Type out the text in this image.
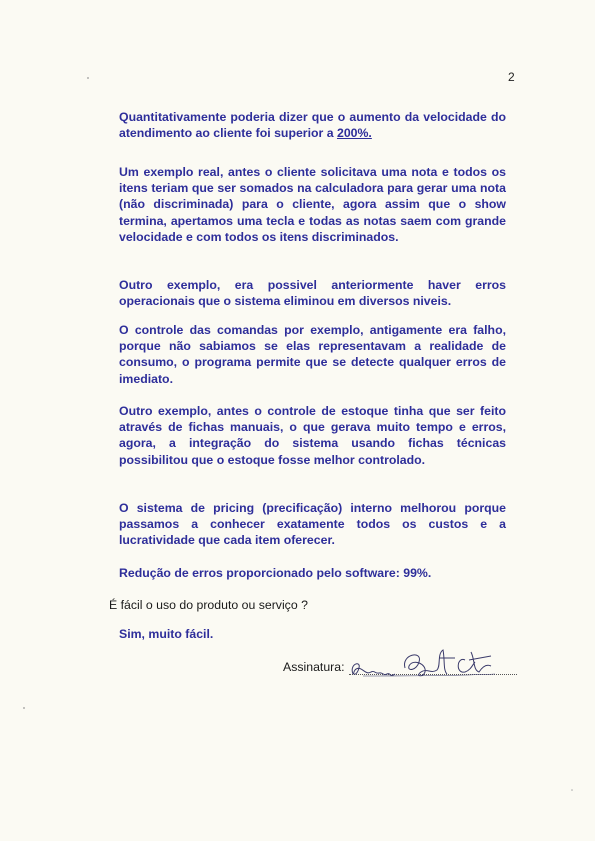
2
Quantitativamente poderia dizer que o aumento da velocidade do atendimento ao cliente foi superior a 200%.
Um exemplo real, antes o cliente solicitava uma nota e todos os itens teriam que ser somados na calculadora para gerar uma nota (não discriminada) para o cliente, agora assim que o show termina, apertamos uma tecla e todas as notas saem com grande velocidade e com todos os itens discriminados.
Outro exemplo, era possivel anteriormente haver erros operacionais que o sistema eliminou em diversos niveis.
O controle das comandas por exemplo, antigamente era falho, porque não sabiamos se elas representavam a realidade de consumo, o programa permite que se detecte qualquer erros de imediato.
Outro exemplo, antes o controle de estoque tinha que ser feito através de fichas manuais, o que gerava muito tempo e erros, agora, a integração do sistema usando fichas técnicas possibilitou que o estoque fosse melhor controlado.
O sistema de pricing (precificação) interno melhorou porque passamos a conhecer exatamente todos os custos e a lucratividade que cada item oferecer.
Redução de erros proporcionado pelo software: 99%.
É fácil o uso do produto ou serviço ?
Sim, muito fácil.
Assinatura:
